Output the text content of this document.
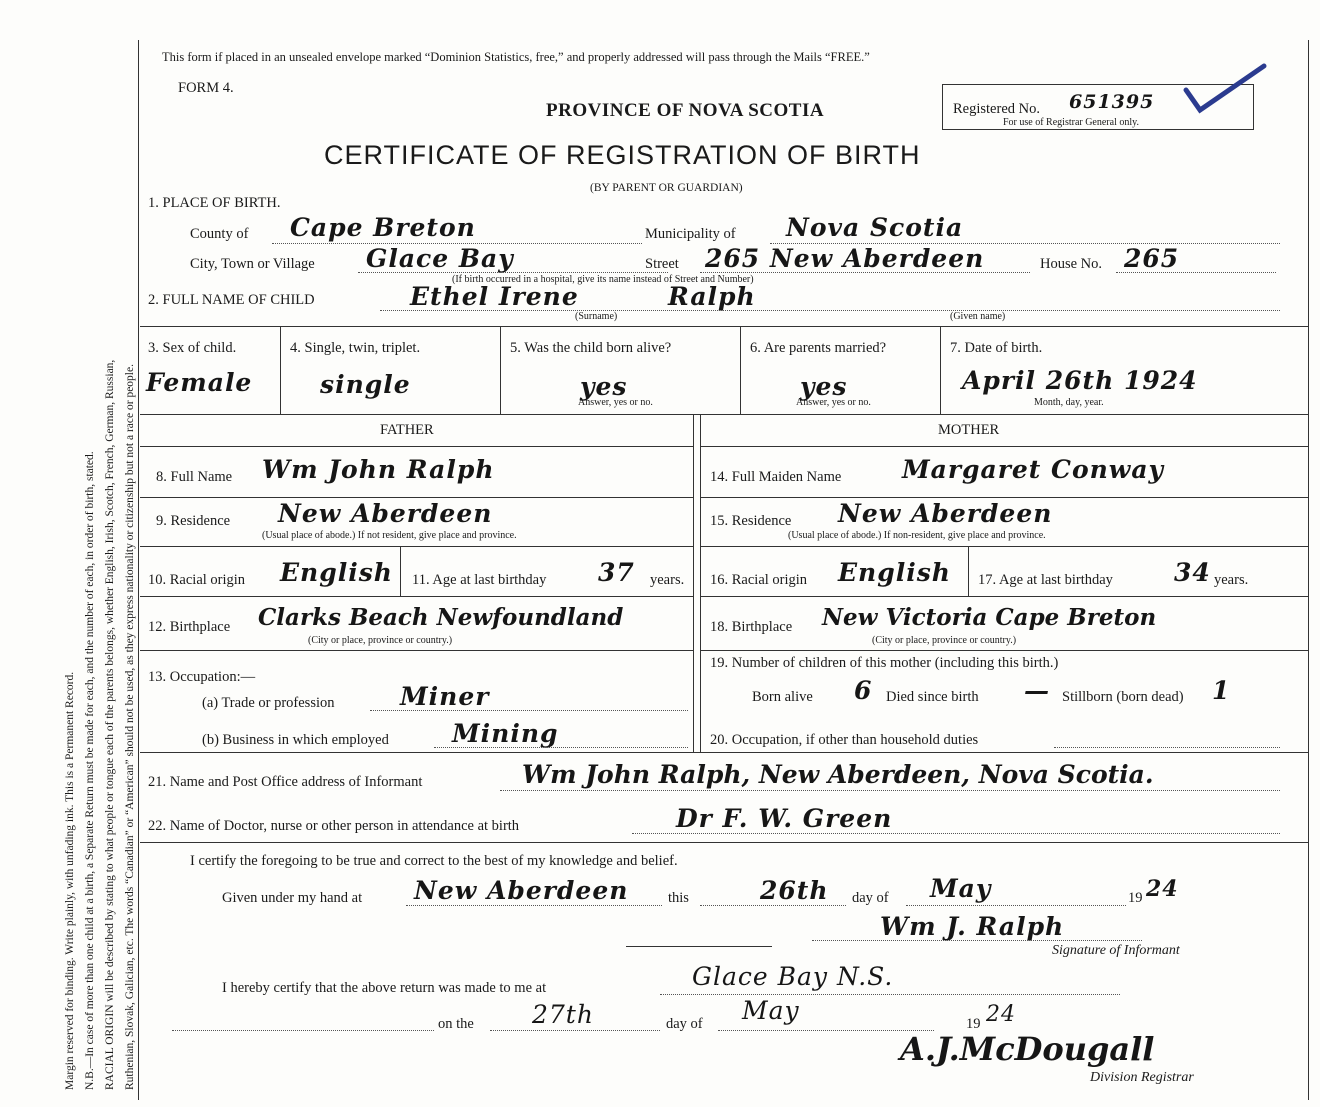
Margin reserved for binding. Write plainly, with unfading ink. This is a Permanent Record. N.B.—In case of more than one child at a birth, a Separate Return must be made for each, and the number of each, in order of birth, stated. RACIAL ORIGIN will be described by stating to what people or tongue each of the parents belongs, whether English, Irish, Scotch, French, German, Russian, Ruthenian, Slovak, Galician, etc. The words “Canadian” or “American” should not be used, as they express nationality or citizenship but not a race or people.
This form if placed in an unsealed envelope marked “Dominion Statistics, free,” and properly addressed will pass through the Mails “FREE.”
FORM 4.
PROVINCE OF NOVA SCOTIA
CERTIFICATE OF REGISTRATION OF BIRTH
(BY PARENT OR GUARDIAN)
Registered No. 651395
For use of Registrar General only.
1. PLACE OF BIRTH.
County of Cape Breton	Municipality of Nova Scotia
City, Town or Village Glace Bay	Street 265 New Aberdeen	House No. 265
(If birth occurred in a hospital, give its name instead of Street and Number)
2. FULL NAME OF CHILD	Ethel Irene	Ralph
(Surname)	(Given name)
3. Sex of child.
Female
4. Single, twin, triplet.
single
5. Was the child born alive?
yes
Answer, yes or no.
6. Are parents married?
yes
Answer, yes or no.
7. Date of birth.
April 26th 1924
Month, day, year.
FATHER	MOTHER
8. Full Name Wm John Ralph	14. Full Maiden Name Margaret Conway
9. Residence New Aberdeen
(Usual place of abode.) If not resident, give place and province.
15. Residence New Aberdeen
(Usual place of abode.) If non-resident, give place and province.
10. Racial origin English 11. Age at last birthday 37 years. 16. Racial origin English 17. Age at last birthday 34 years.
12. Birthplace Clarks Beach Newfoundland
(City or place, province or country.)
18. Birthplace New Victoria Cape Breton
(City or place, province or country.)
13. Occupation:—
(a) Trade or profession	Miner
(b) Business in which employed	Mining
19. Number of children of this mother (including this birth.)
Born alive 6 Died since birth — Stillborn (born dead) 1
20. Occupation, if other than household duties
21. Name and Post Office address of Informant	Wm John Ralph, New Aberdeen, Nova Scotia.
22. Name of Doctor, nurse or other person in attendance at birth	Dr F. W. Green
I certify the foregoing to be true and correct to the best of my knowledge and belief.
Given under my hand at New Aberdeen	this	26th day of May	19 24
Wm J. Ralph
Signature of Informant
I hereby certify that the above return was made to me at	Glace Bay N.S.
on the 27th	day of May	19 24
A.J.McDougall
Division Registrar
